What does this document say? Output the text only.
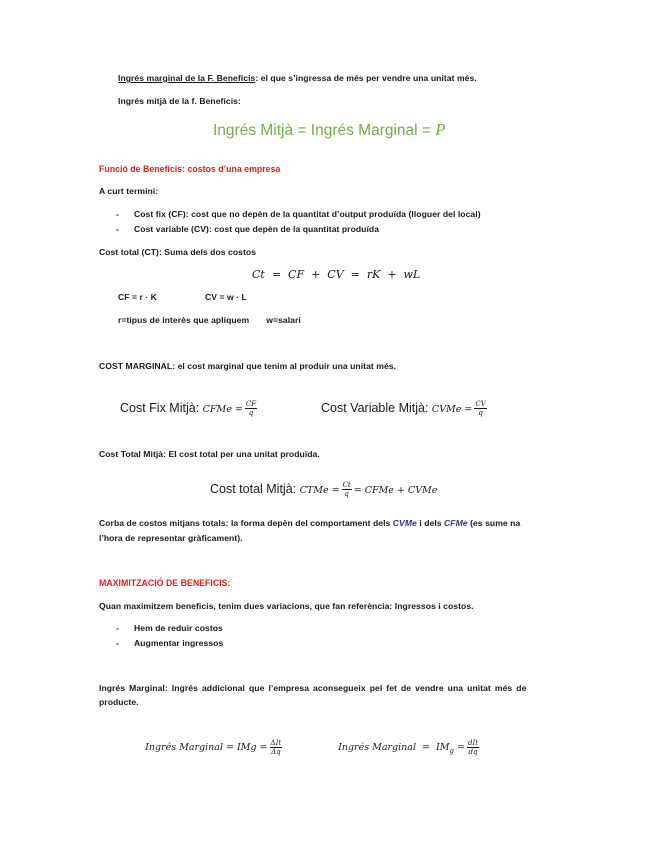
Ingrés marginal de la F. Beneficis: el que s’ingressa de més per vendre una unitat més.
Ingrés mitjà de la f. Beneficis:
Ingrés Mitjà = Ingrés Marginal = P
Funció de Beneficis: costos d’una empresa
A curt termini:
- Cost fix (CF): cost que no depèn de la quantitat d’output produïda (lloguer del local)
- Cost variable (CV): cost que depèn de la quantitat produïda
Cost total (CT): Suma dels dos costos
Ct  =  CF  +  CV  =  rK  +  wL
CF = r · K	CV = w · L
r=tipus de interès que apliquem       w=salari
COST MARGINAL: el cost marginal que tenim al produir una unitat més.
Cost Fix Mitjà: CFMe = $\frac{CF}{q}$	Cost Variable Mitjà: CVMe = $\frac{CV}{q}$
Cost Total Mitjà: El cost total per una unitat produïda.
Cost total Mitjà: CTMe = $\frac{Ct}{q}$ = CFMe + CVMe
Corba de costos mitjans totals: la forma depèn del comportament dels CVMe i dels CFMe (es sume na
l’hora de representar gràficament).
MAXIMITZACIÓ DE BENEFICIS:
Quan maximitzem beneficis, tenim dues variacions, que fan referència: Ingressos i costos.
- Hem de reduir costos
- Augmentar ingressos
Ingrés Marginal: Ingrés addicional que l’empresa aconsegueix pel fet de vendre una unitat més de
producte.

Ingrés Marginal = IMg = $\frac{\text{ΔIt}}{\Delta q}$

	Ingrés Marginal  =  $IM_g = \frac{\text{dIt}}{dq}$
